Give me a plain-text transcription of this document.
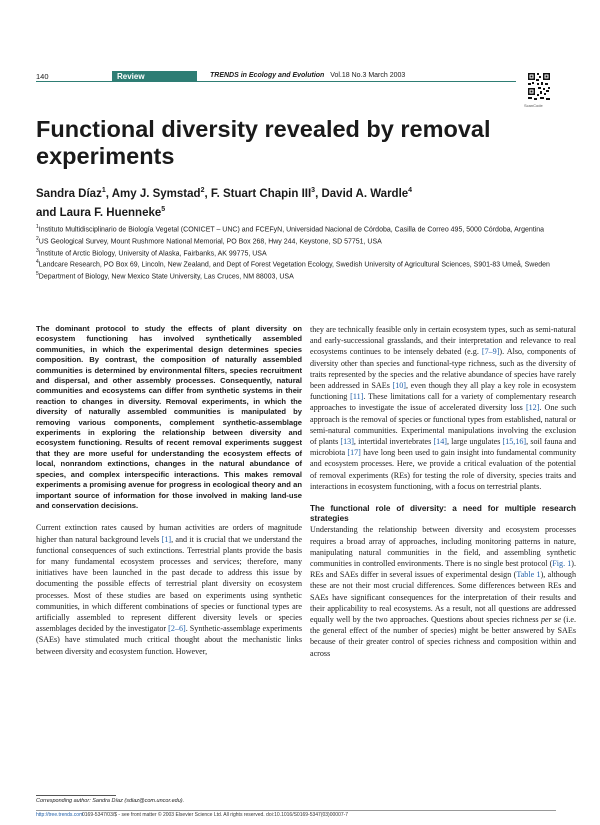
140	Review	TRENDS in Ecology and Evolution Vol.18 No.3 March 2003
ScanCode
Functional diversity revealed by removal experiments
Sandra Díaz$^1$, Amy J. Symstad$^2$, F. Stuart Chapin III$^3$, David A. Wardle$^4$
and Laura F. Huenneke$^5$
$^1$Instituto Multidisciplinario de Biología Vegetal (CONICET – UNC) and FCEFyN, Universidad Nacional de Córdoba, Casilla de Correo 495, 5000 Córdoba, Argentina
$^2$US Geological Survey, Mount Rushmore National Memorial, PO Box 268, Hwy 244, Keystone, SD 57751, USA
$^3$Institute of Arctic Biology, University of Alaska, Fairbanks, AK 99775, USA
$^4$Landcare Research, PO Box 69, Lincoln, New Zealand, and Dept of Forest Vegetation Ecology, Swedish University of Agricultural Sciences, S901-83 Umeå, Sweden
$^5$Department of Biology, New Mexico State University, Las Cruces, NM 88003, USA

The dominant protocol to study the effects of plant diversity on ecosystem functioning has involved synthetically assembled communities, in which the experimental design determines species composition. By contrast, the composition of naturally assembled communities is determined by environmental filters, species recruitment and dispersal, and other assembly processes. Consequently, natural communities and ecosystems can differ from synthetic systems in their reaction to changes in diversity. Removal experiments, in which the diversity of naturally assembled communities is manipulated by removing various components, complement synthetic-assemblage experiments in exploring the relationship between diversity and ecosystem functioning. Results of recent removal experiments suggest that they are more useful for understanding the ecosystem effects of local, nonrandom extinctions, changes in the natural abundance of species, and complex interspecific interactions. This makes removal experiments a promising avenue for progress in ecological theory and an important source of information for those involved in making land-use and conservation decisions.

Current extinction rates caused by human activities are orders of magnitude higher than natural background levels [1], and it is crucial that we understand the functional consequences of such extinctions. Terrestrial plants provide the basis for many fundamental ecosystem processes and services; therefore, many initiatives have been launched in the past decade to address this issue by documenting the possible effects of terrestrial plant diversity on ecosystem processes. Most of these studies are based on experiments using synthetic communities, in which different combinations of species or functional types are artificially assembled to represent different diversity levels or species assemblages decided by the investigator [2–6]. Synthetic-assemblage experiments (SAEs) have stimulated much critical thought about the mechanistic links between diversity and ecosystem function. However,

they are technically feasible only in certain ecosystem types, such as semi-natural and early-successional grasslands, and their interpretation and relevance to real ecosystems continues to be intensely debated (e.g. [7–9]). Also, components of diversity other than species and functional-type richness, such as the diversity of traits represented by the species and the relative abundance of species have rarely been addressed in SAEs [10], even though they all play a key role in ecosystem functioning [11]. These limitations call for a variety of complementary research approaches to investigate the issue of accelerated diversity loss [12]. One such approach is the removal of species or functional types from established, natural or semi-natural communities. Experimental manipulations involving the exclusion of plants [13], intertidal invertebrates [14], large ungulates [15,16], soil fauna and microbiota [17] have long been used to gain insight into fundamental community and ecosystem processes. Here, we provide a critical evaluation of the potential of removal experiments (REs) for testing the role of diversity, species traits and interactions in ecosystem functioning, with a focus on terrestrial plants.

The functional role of diversity: a need for multiple research strategies

Understanding the relationship between diversity and ecosystem processes requires a broad array of approaches, including monitoring patterns in nature, manipulating natural communities in the field, and assembling synthetic communities in controlled environments. There is no single best protocol (Fig. 1). REs and SAEs differ in several issues of experimental design (Table 1), although these are not their most crucial differences. Some differences between REs and SAEs have significant consequences for the interpretation of their results and their applicability to real ecosystems. As a result, not all questions are addressed equally well by the two approaches. Questions about species richness per se (i.e. the general effect of the number of species) might be better answered by SAEs because of their greater control of species richness and composition within and across

Corresponding author: Sandra Díaz (sdiaz@com.uncor.edu).
http://tree.trends.com
0169-5347/03/$ - see front matter © 2003 Elsevier Science Ltd. All rights reserved. doi:10.1016/S0169-5347(03)00007-7
